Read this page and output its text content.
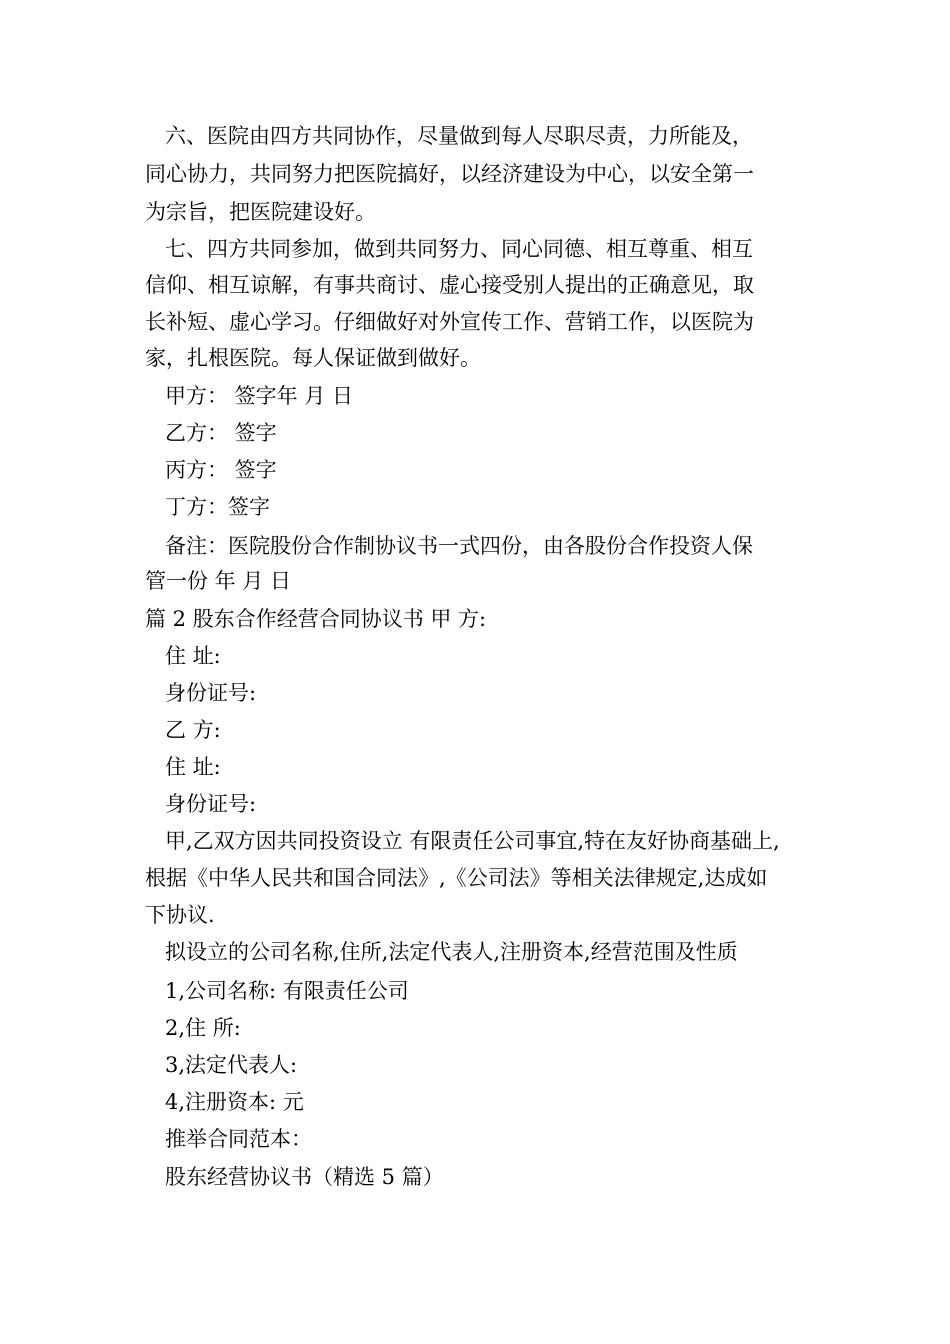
六、医院由四方共同协作，尽量做到每人尽职尽责，力所能及，
同心协力，共同努力把医院搞好，以经济建设为中心，以安全第一
为宗旨，把医院建设好。
七、四方共同参加，做到共同努力、同心同德、相互尊重、相互
信仰、相互谅解，有事共商讨、虚心接受别人提出的正确意见，取
长补短、虚心学习。仔细做好对外宣传工作、营销工作，以医院为
家，扎根医院。每人保证做到做好。
甲方： 签字年 月 日
乙方： 签字
丙方： 签字
丁方：签字
备注：医院股份合作制协议书一式四份，由各股份合作投资人保
管一份 年 月 日
篇 2 股东合作经营合同协议书 甲 方:
住 址:
身份证号:
乙 方:
住 址:
身份证号:
甲,乙双方因共同投资设立 有限责任公司事宜,特在友好协商基础上,
根据《中华人民共和国合同法》,《公司法》等相关法律规定,达成如
下协议.
拟设立的公司名称,住所,法定代表人,注册资本,经营范围及性质
1,公司名称: 有限责任公司
2,住 所:
3,法定代表人:
4,注册资本: 元
推举合同范本：
股东经营协议书（精选 5 篇）
